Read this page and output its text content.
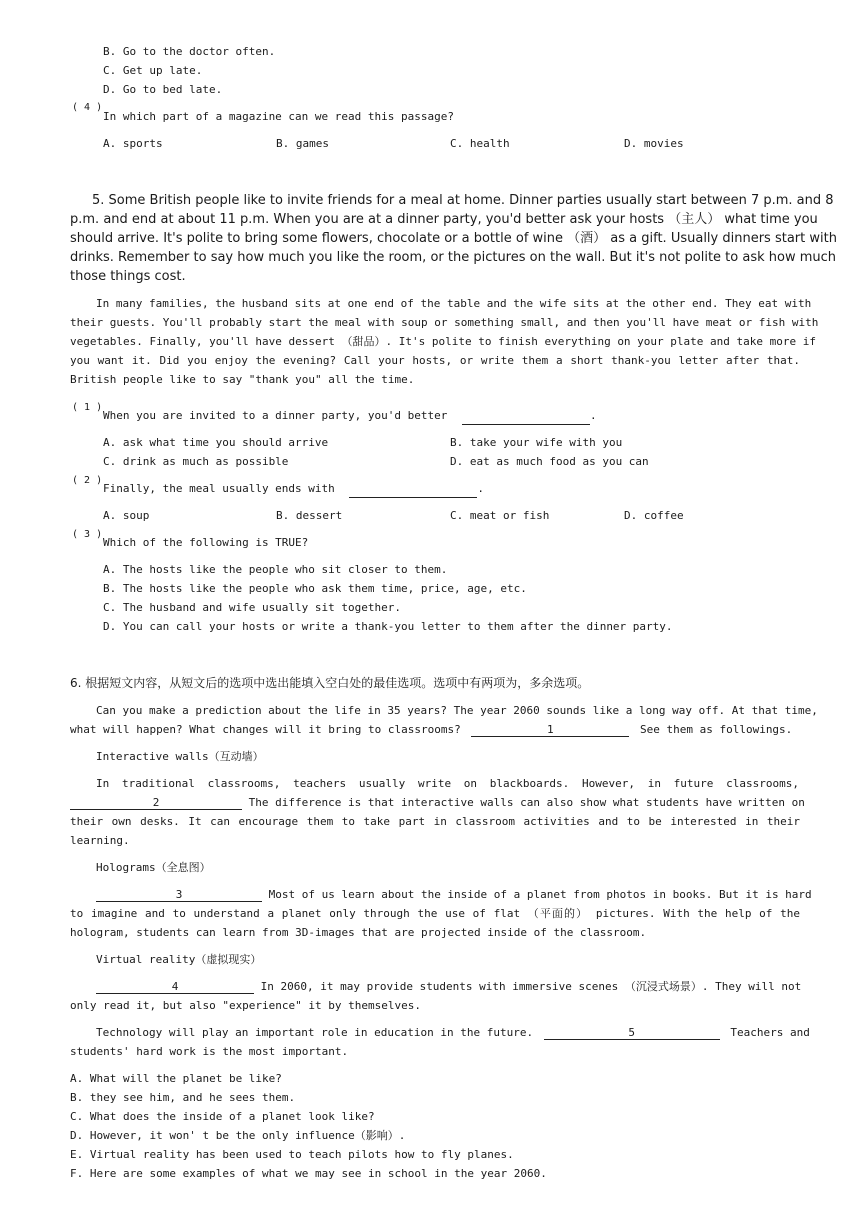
B. Go to the doctor often.
C. Get up late.
D. Go to bed late.
( 4 )
In which part of a magazine can we read this passage?
A. sports	B. games	C. health	D. movies
5. Some British people like to invite friends for a meal at home. Dinner parties usually start between 7 p.m. and 8
p.m. and end at about 11 p.m. When you are at a dinner party, you'd better ask your hosts （主人） what time you
should arrive. It's polite to bring some flowers, chocolate or a bottle of wine （酒） as a gift. Usually dinners start with
drinks. Remember to say how much you like the room, or the pictures on the wall. But it's not polite to ask how much
those things cost.
In many families, the husband sits at one end of the table and the wife sits at the other end. They eat with
their guests. You'll probably start the meal with soup or something small, and then you'll have meat or fish with
vegetables. Finally, you'll have dessert （甜品）. It's polite to finish everything on your plate and take more if
you want it. Did you enjoy the evening? Call your hosts, or write them a short thank-you letter after that.
British people like to say "thank you" all the time.
( 1 )
When you are invited to a dinner party, you'd better	.
A. ask what time you should arrive	B. take your wife with you
C. drink as much as possible	D. eat as much food as you can
( 2 )
Finally, the meal usually ends with	.
A. soup	B. dessert	C. meat or fish	D. coffee
( 3 )
Which of the following is TRUE?
A. The hosts like the people who sit closer to them.
B. The hosts like the people who ask them time, price, age, etc.
C. The husband and wife usually sit together.
D. You can call your hosts or write a thank-you letter to them after the dinner party.
6. 根据短文内容，从短文后的选项中选出能填入空白处的最佳选项。选项中有两项为，多余选项。
Can you make a prediction about the life in 35 years? The year 2060 sounds like a long way off. At that time,
what will happen? What changes will it bring to classrooms?	1	See them as followings.
Interactive walls（互动墙）
In traditional classrooms, teachers usually write on blackboards. However, in future classrooms,
2	The difference is that interactive walls can also show what students have written on
their own desks. It can encourage them to take part in classroom activities and to be interested in their
learning.
Holograms（全息图）
3	Most of us learn about the inside of a planet from photos in books. But it is hard
to imagine and to understand a planet only through the use of flat （平面的） pictures. With the help of the
hologram, students can learn from 3D-images that are projected inside of the classroom.
Virtual reality（虚拟现实）
4	In 2060, it may provide students with immersive scenes （沉浸式场景）. They will not
only read it, but also "experience" it by themselves.
Technology will play an important role in education in the future.	5	Teachers and
students' hard work is the most important.
A. What will the planet be like?
B. they see him, and he sees them.
C. What does the inside of a planet look like?
D. However, it won' t be the only influence（影响）.
E. Virtual reality has been used to teach pilots how to fly planes.
F. Here are some examples of what we may see in school in the year 2060.
